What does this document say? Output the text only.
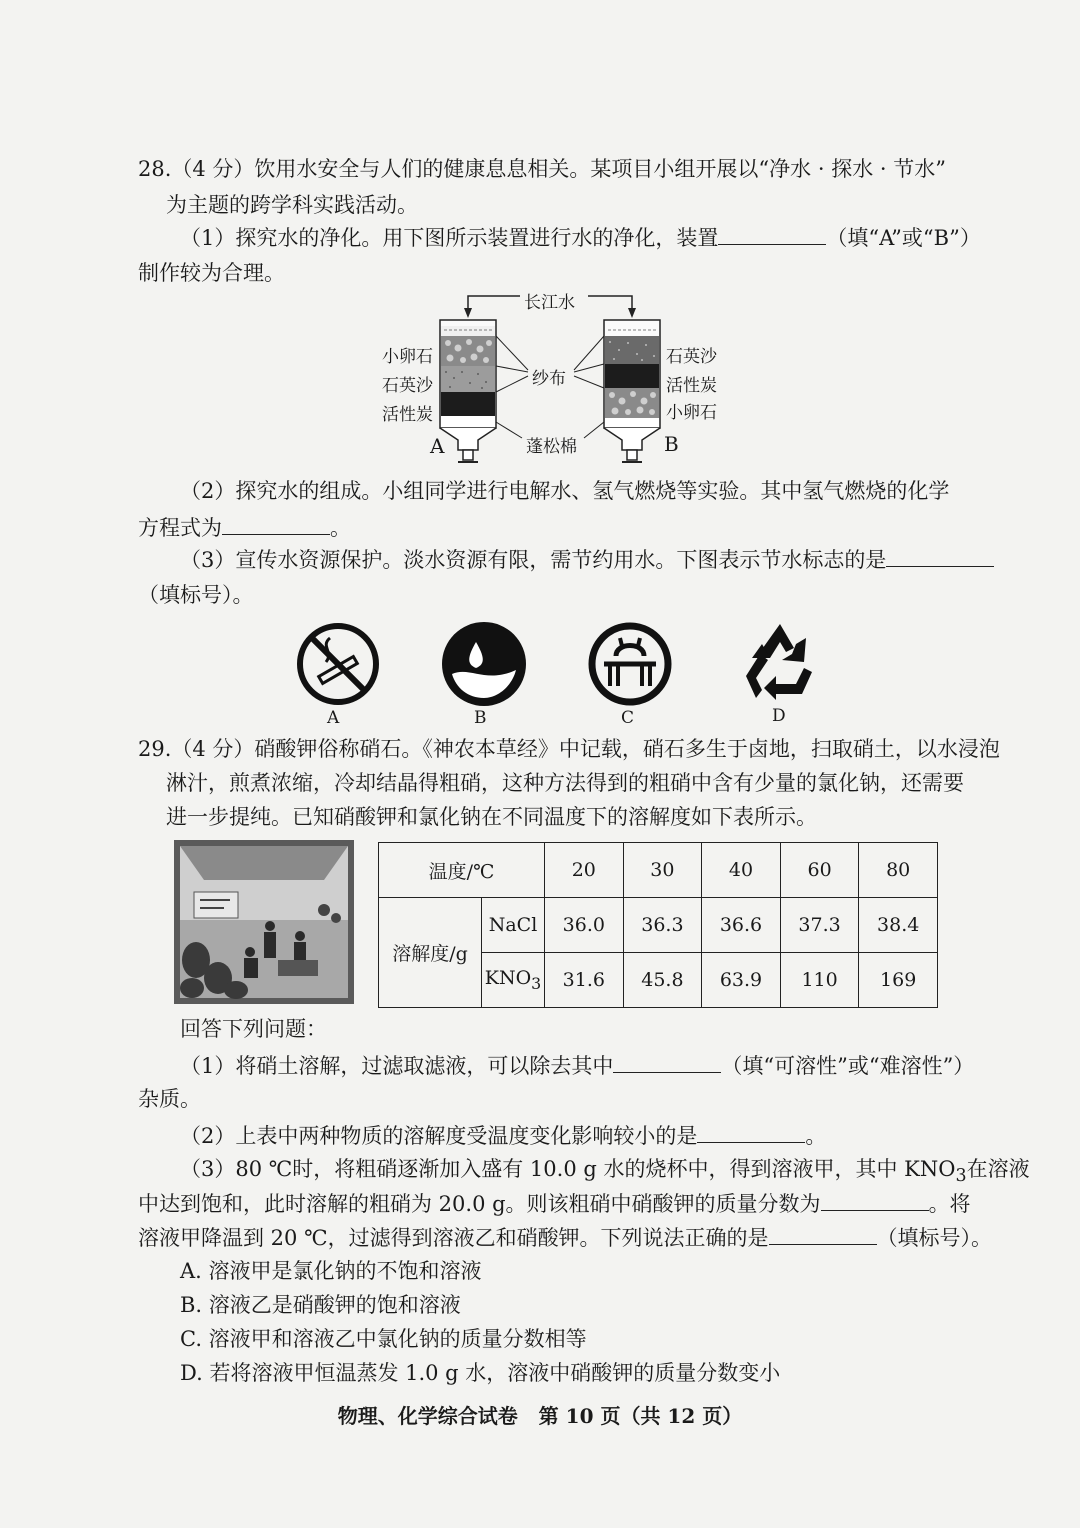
28.（4 分）饮用水安全与人们的健康息息相关。某项目小组开展以“净水 · 探水 · 节水”
为主题的跨学科实践活动。
（1）探究水的净化。用下图所示装置进行水的净化，装置	（填“A”或“B”）
制作较为合理。
长江水
小卵石
石英沙
活性炭
石英沙
活性炭
小卵石
纱布
蓬松棉
A	B
（2）探究水的组成。小组同学进行电解水、氢气燃烧等实验。其中氢气燃烧的化学
方程式为	。
（3）宣传水资源保护。淡水资源有限，需节约用水。下图表示节水标志的是
（填标号）。
A	B	C	D
29.（4 分）硝酸钾俗称硝石。《神农本草经》中记载，硝石多生于卤地，扫取硝土，以水浸泡
淋汁，煎煮浓缩，冷却结晶得粗硝，这种方法得到的粗硝中含有少量的氯化钠，还需要
进一步提纯。已知硝酸钾和氯化钠在不同温度下的溶解度如下表所示。
温度/℃		20	30	40	60	80
溶解度/g	NaCl	36.0	36.3	36.6	37.3	38.4
	$KNO_3$	31.6	45.8	63.9	110	169
回答下列问题：
（1）将硝土溶解，过滤取滤液，可以除去其中	（填“可溶性”或“难溶性”）
杂质。
（2）上表中两种物质的溶解度受温度变化影响较小的是	。
（3）80 ℃时，将粗硝逐渐加入盛有 10.0 g 水的烧杯中，得到溶液甲，其中 $KNO_3$在溶液
中达到饱和，此时溶解的粗硝为 20.0 g。则该粗硝中硝酸钾的质量分数为	。将
溶液甲降温到 20 ℃，过滤得到溶液乙和硝酸钾。下列说法正确的是	（填标号）。
A. 溶液甲是氯化钠的不饱和溶液
B. 溶液乙是硝酸钾的饱和溶液
C. 溶液甲和溶液乙中氯化钠的质量分数相等
D. 若将溶液甲恒温蒸发 1.0 g 水，溶液中硝酸钾的质量分数变小
物理、化学综合试卷   第 10 页（共 12 页）
